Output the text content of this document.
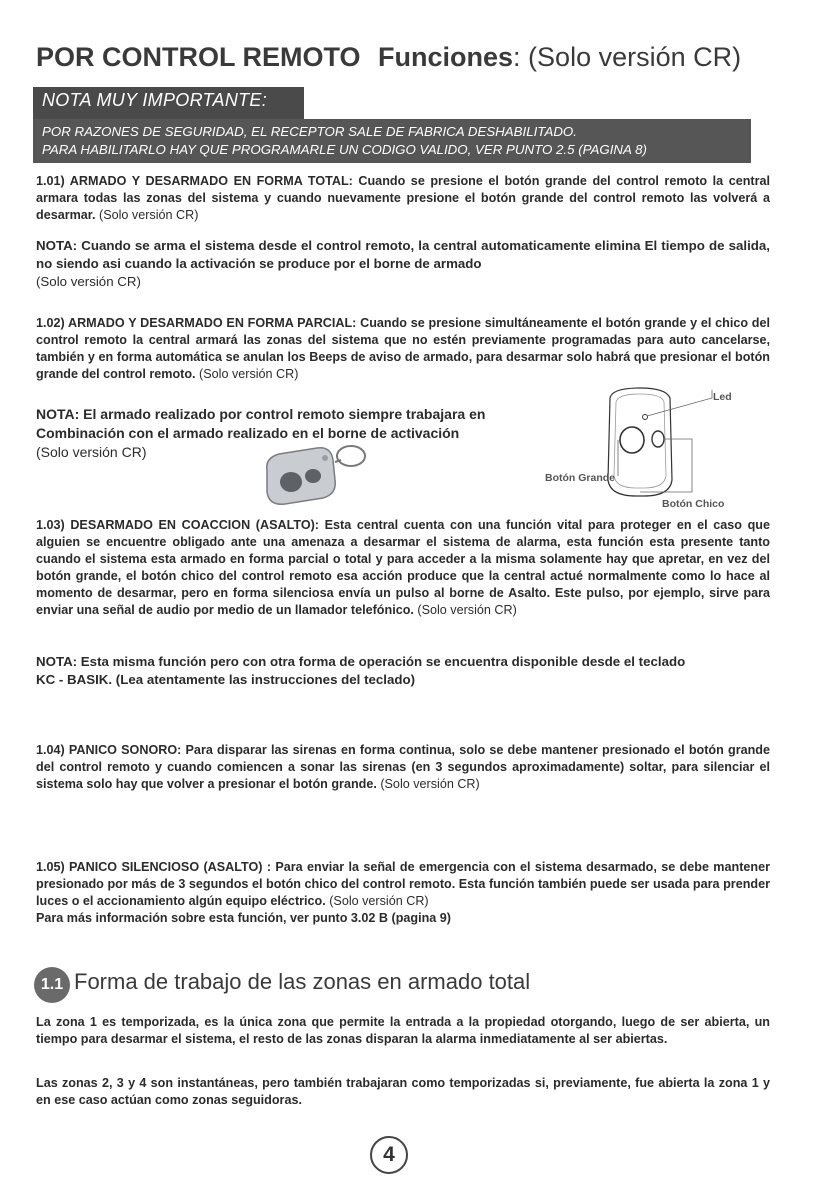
POR CONTROL REMOTO Funciones: (Solo versión CR)
NOTA MUY IMPORTANTE:
POR RAZONES DE SEGURIDAD, EL RECEPTOR SALE DE FABRICA DESHABILITADO.
PARA HABILITARLO HAY QUE PROGRAMARLE UN CODIGO VALIDO, VER PUNTO 2.5 (PAGINA 8)
1.01) ARMADO Y DESARMADO EN FORMA TOTAL: Cuando se presione el botón grande del control remoto la central armara todas las zonas del sistema y cuando nuevamente presione el botón grande del control remoto las volverá a desarmar. (Solo versión CR)
NOTA: Cuando se arma el sistema desde el control remoto, la central automaticamente elimina El tiempo de salida, no siendo asi cuando la activación se produce por el borne de armado
(Solo versión CR)
1.02) ARMADO Y DESARMADO EN FORMA PARCIAL: Cuando se presione simultáneamente el botón grande y el chico del control remoto la central armará las zonas del sistema que no estén previamente programadas para auto cancelarse, también y en forma automática se anulan los Beeps de aviso de armado, para desarmar solo habrá que presionar el botón grande del control remoto. (Solo versión CR)
NOTA: El armado realizado por control remoto siempre trabajara en
Combinación con el armado realizado en el borne de activación
(Solo versión CR)
Led
Botón Grande
Botón Chico
1.03) DESARMADO EN COACCION (ASALTO): Esta central cuenta con una función vital para proteger en el caso que alguien se encuentre obligado ante una amenaza a desarmar el sistema de alarma, esta función esta presente tanto cuando el sistema esta armado en forma parcial o total y para acceder a la misma solamente hay que apretar, en vez del botón grande, el botón chico del control remoto esa acción produce que la central actué normalmente como lo hace al momento de desarmar, pero en forma silenciosa envía un pulso al borne de Asalto. Este pulso, por ejemplo, sirve para enviar una señal de audio por medio de un llamador telefónico. (Solo versión CR)
NOTA: Esta misma función pero con otra forma de operación se encuentra disponible desde el teclado
KC - BASIK. (Lea atentamente las instrucciones del teclado)
1.04) PANICO SONORO: Para disparar las sirenas en forma continua, solo se debe mantener presionado el botón grande del control remoto y cuando comiencen a sonar las sirenas (en 3 segundos aproximadamente) soltar, para silenciar el sistema solo hay que volver a presionar el botón grande. (Solo versión CR)
1.05) PANICO SILENCIOSO (ASALTO) : Para enviar la señal de emergencia con el sistema desarmado, se debe mantener presionado por más de 3 segundos el botón chico del control remoto. Esta función también puede ser usada para prender luces o el accionamiento algún equipo eléctrico. (Solo versión CR)
Para más información sobre esta función, ver punto 3.02 B (pagina 9)
1.1 Forma de trabajo de las zonas en armado total
La zona 1 es temporizada, es la única zona que permite la entrada a la propiedad otorgando, luego de ser abierta, un tiempo para desarmar el sistema, el resto de las zonas disparan la alarma inmediatamente al ser abiertas.
Las zonas 2, 3 y 4 son instantáneas, pero también trabajaran como temporizadas si, previamente, fue abierta la zona 1 y en ese caso actúan como zonas seguidoras.
4
